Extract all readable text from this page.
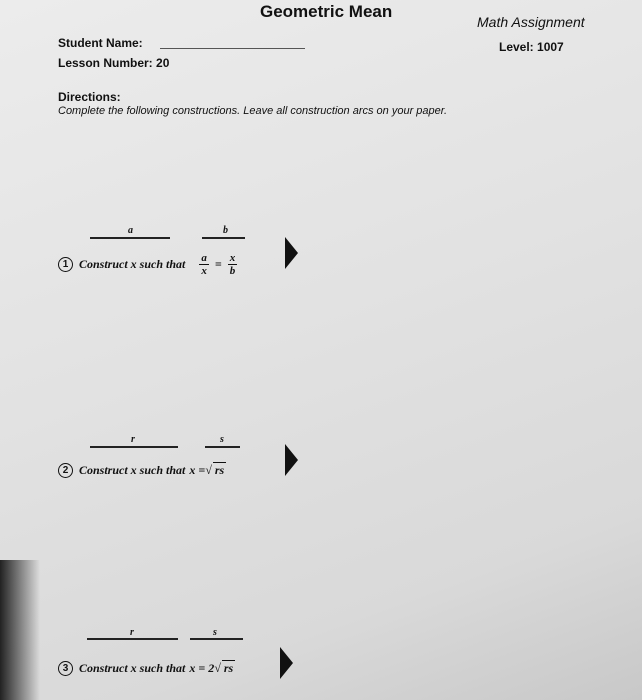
Geometric Mean
Math Assignment
Level: 1007
Student Name:
Lesson Number: 20
Directions:
Complete the following constructions. Leave all construction arcs on your paper.
a	b
1 Construct x such that $\frac{a}{x} = \frac{x}{b}$
r	s
2 Construct x such that x = √ rs
r	s
3 Construct x such that x = 2 √ rs
